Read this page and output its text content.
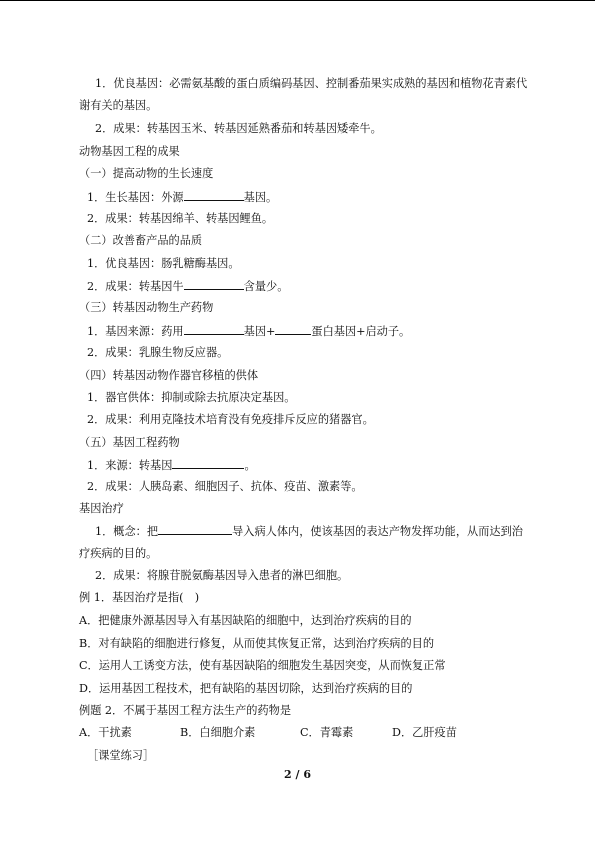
1．优良基因：必需氨基酸的蛋白质编码基因、控制番茄果实成熟的基因和植物花青素代
谢有关的基因。
2．成果：转基因玉米、转基因延熟番茄和转基因矮牵牛。
动物基因工程的成果
（一）提高动物的生长速度
1．生长基因：外源	基因。
2．成果：转基因绵羊、转基因鲤鱼。
（二）改善畜产品的品质
1．优良基因：肠乳糖酶基因。
2．成果：转基因牛	含量少。
（三）转基因动物生产药物
1．基因来源：药用	基因+	蛋白基因+启动子。
2．成果：乳腺生物反应器。
（四）转基因动物作器官移植的供体
1．器官供体：抑制或除去抗原决定基因。
2．成果：利用克隆技术培育没有免疫排斥反应的猪器官。
（五）基因工程药物
1．来源：转基因	。
2．成果：人胰岛素、细胞因子、抗体、疫苗、激素等。
基因治疗
1．概念：把	导入病人体内，使该基因的表达产物发挥功能，从而达到治
疗疾病的目的。
2．成果：将腺苷脱氨酶基因导入患者的淋巴细胞。
例 1．基因治疗是指(　)
A．把健康外源基因导入有基因缺陷的细胞中，达到治疗疾病的目的
B．对有缺陷的细胞进行修复，从而使其恢复正常，达到治疗疾病的目的
C．运用人工诱变方法，使有基因缺陷的细胞发生基因突变，从而恢复正常
D．运用基因工程技术，把有缺陷的基因切除，达到治疗疾病的目的
例题 2．不属于基因工程方法生产的药物是
A．干扰素	B．白细胞介素	C．青霉素	D．乙肝疫苗
［课堂练习］
2 / 6
